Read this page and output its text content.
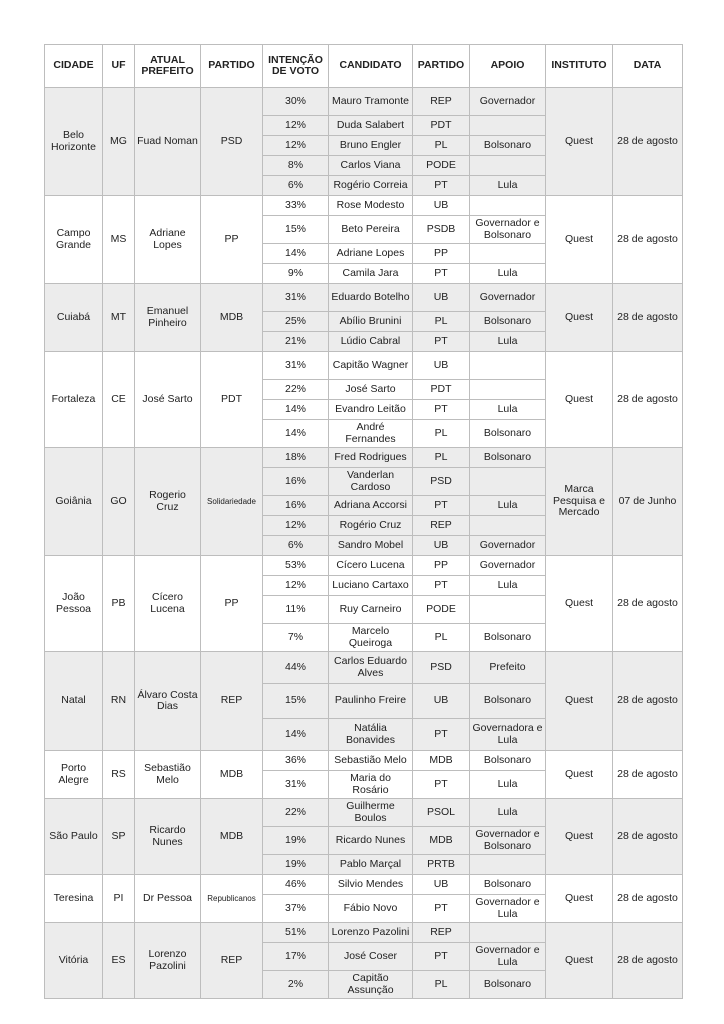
CIDADE	UF	ATUAL PREFEITO	PARTIDO	INTENÇÃO DE VOTO	CANDIDATO	PARTIDO	APOIO	INSTITUTO	DATA
Belo Horizonte	MG	Fuad Noman	PSD	30%	Mauro Tramonte	REP	Governador	Quest	28 de agosto
				12%	Duda Salabert	PDT			
				12%	Bruno Engler	PL	Bolsonaro		
				8%	Carlos Viana	PODE			
				6%	Rogério Correia	PT	Lula		
Campo Grande	MS	Adriane Lopes	PP	33%	Rose Modesto	UB		Quest	28 de agosto
				15%	Beto Pereira	PSDB	Governador e Bolsonaro		
				14%	Adriane Lopes	PP			
				9%	Camila Jara	PT	Lula		
Cuiabá	MT	Emanuel Pinheiro	MDB	31%	Eduardo Botelho	UB	Governador	Quest	28 de agosto
				25%	Abílio Brunini	PL	Bolsonaro		
				21%	Lúdio Cabral	PT	Lula		
Fortaleza	CE	José Sarto	PDT	31%	Capitão Wagner	UB		Quest	28 de agosto
				22%	José Sarto	PDT			
				14%	Evandro Leitão	PT	Lula		
				14%	André Fernandes	PL	Bolsonaro		
Goiânia	GO	Rogerio Cruz	Solidariedade	18%	Fred Rodrigues	PL	Bolsonaro	Marca Pesquisa e Mercado	07 de Junho
				16%	Vanderlan Cardoso	PSD			
				16%	Adriana Accorsi	PT	Lula		
				12%	Rogério Cruz	REP			
				6%	Sandro Mobel	UB	Governador		
João Pessoa	PB	Cícero Lucena	PP	53%	Cícero Lucena	PP	Governador	Quest	28 de agosto
				12%	Luciano Cartaxo	PT	Lula		
				11%	Ruy Carneiro	PODE			
				7%	Marcelo Queiroga	PL	Bolsonaro		
Natal	RN	Álvaro Costa Dias	REP	44%	Carlos Eduardo Alves	PSD	Prefeito	Quest	28 de agosto
				15%	Paulinho Freire	UB	Bolsonaro		
				14%	Natália Bonavides	PT	Governadora e Lula		
Porto Alegre	RS	Sebastião Melo	MDB	36%	Sebastião Melo	MDB	Bolsonaro	Quest	28 de agosto
				31%	Maria do Rosário	PT	Lula		
São Paulo	SP	Ricardo Nunes	MDB	22%	Guilherme Boulos	PSOL	Lula	Quest	28 de agosto
				19%	Ricardo Nunes	MDB	Governador e Bolsonaro		
				19%	Pablo Marçal	PRTB			
Teresina	PI	Dr Pessoa	Republicanos	46%	Silvio Mendes	UB	Bolsonaro	Quest	28 de agosto
				37%	Fábio Novo	PT	Governador e Lula		
Vitória	ES	Lorenzo Pazolini	REP	51%	Lorenzo Pazolini	REP		Quest	28 de agosto
				17%	José Coser	PT	Governador e Lula		
				2%	Capitão Assunção	PL	Bolsonaro		
